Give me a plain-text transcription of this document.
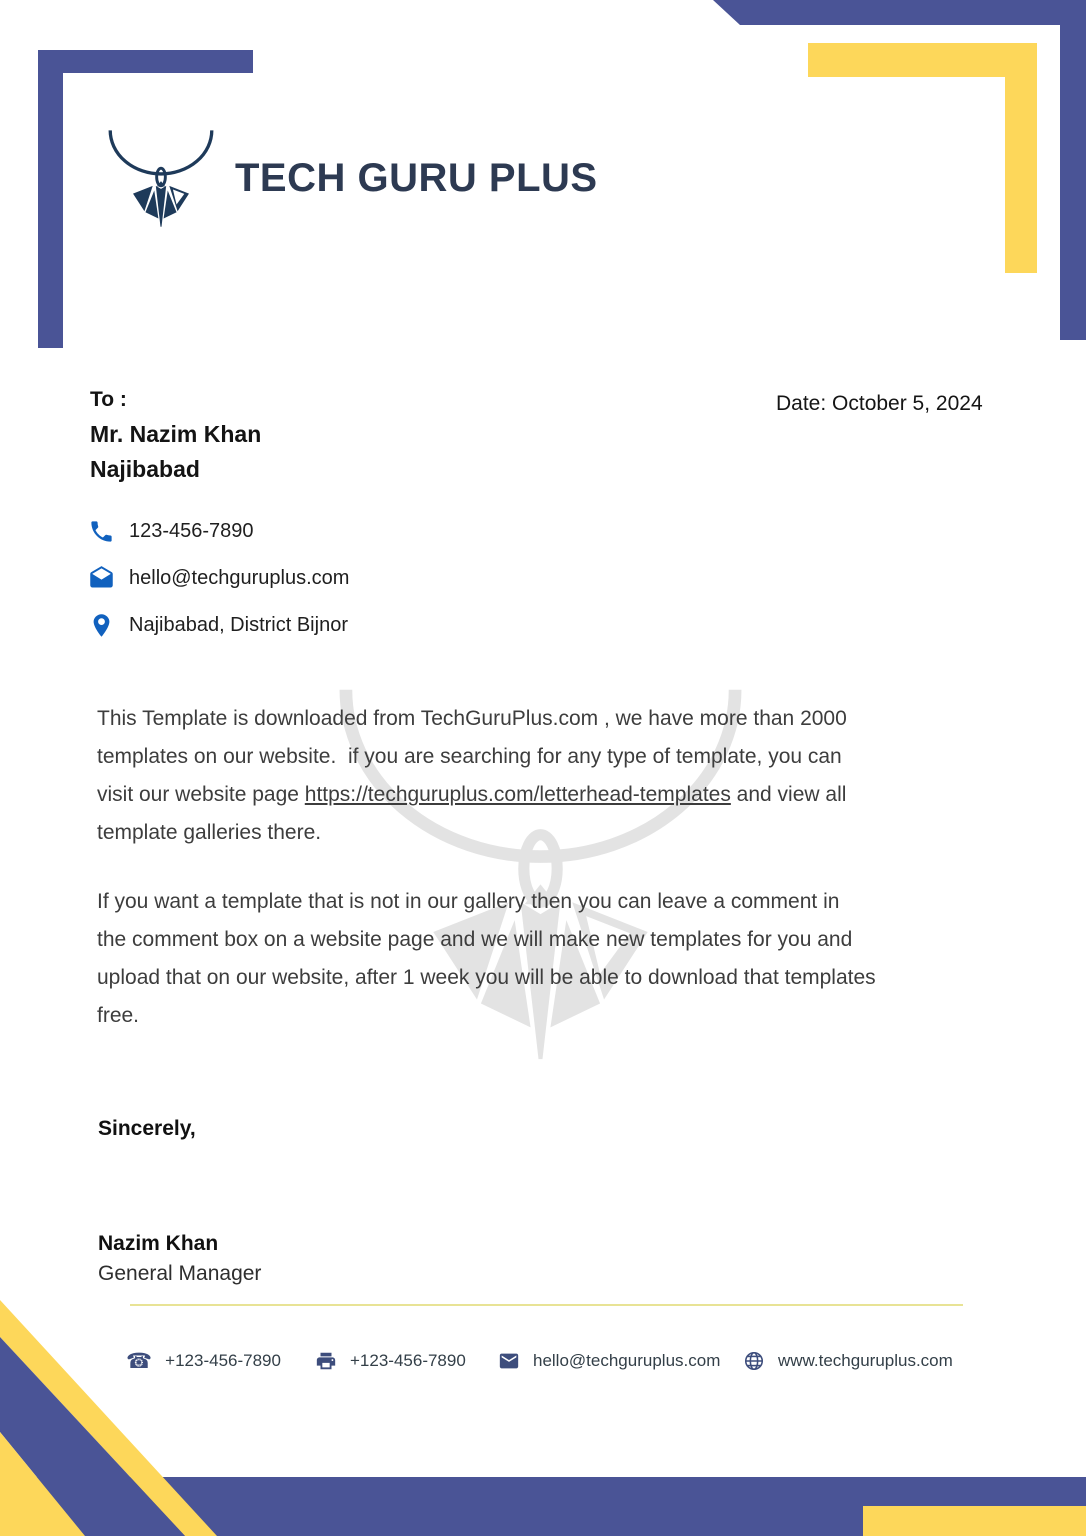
TECH GURU PLUS
To :
Mr. Nazim Khan
Najibabad
Date: October 5, 2024
123-456-7890
hello@techguruplus.com
Najibabad, District Bijnor
This Template is downloaded from TechGuruPlus.com , we have more than 2000
templates on our website.  if you are searching for any type of template, you can
visit our website page https://techguruplus.com/letterhead-templates and view all
template galleries there.
If you want a template that is not in our gallery then you can leave a comment in
the comment box on a website page and we will make new templates for you and
upload that on our website, after 1 week you will be able to download that templates
free.
Sincerely,
Nazim Khan
General Manager
☎ +123-456-7890	+123-456-7890	hello@techguruplus.com	www.techguruplus.com
